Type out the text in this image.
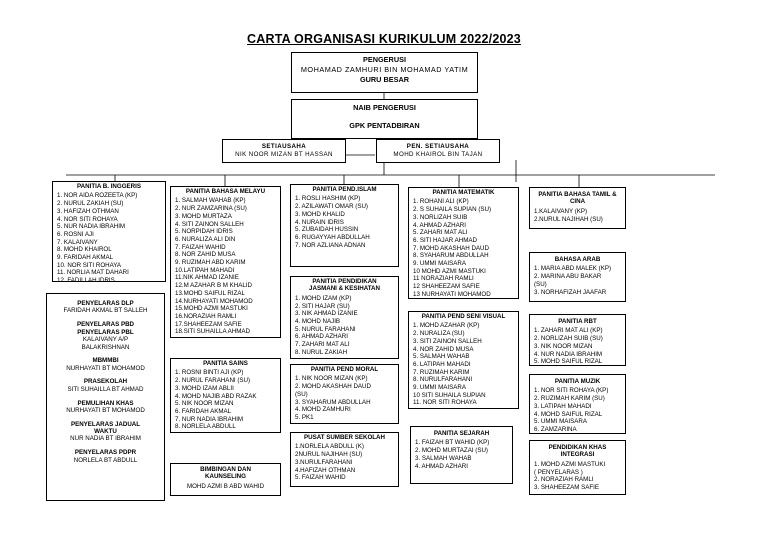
CARTA ORGANISASI KURIKULUM 2022/2023
PENGERUSI
MOHAMAD ZAMHURI BIN MOHAMAD YATIM
GURU BESAR
NAIB PENGERUSI
GPK PENTADBIRAN
SETIAUSAHA
NIK NOOR MIZAN BT HASSAN
PEN. SETIAUSAHA
MOHD KHAIROL BIN TAJAN
PANITIA B. INGGERIS
1. NOR AIDA ROZEETA (KP)
2. NURUL ZAKIAH (SU)
3. HAFIZAH OTHMAN
4. NOR SITI ROHAYA
5. NUR NADIA IBRAHIM
6. ROSNI AJI
7. KALAIVANY
8. MOHD KHAIROL
9. FARIDAH AKMAL
10. NOR SITI ROHAYA
11. NORLIA MAT DAHARI
12. FADILLAH IDRIS
PENYELARAS DLP
FARIDAH AKMAL BT SALLEH
PENYELARAS PBD
PENYELARAS PBL
KALAIVANY A/P
BALAKRISHNAN
MBMMBI
NURHAYATI BT MOHAMOD
PRASEKOLAH
SITI SUHAILLA BT AHMAD
PEMULIHAN KHAS
NURHAYATI BT MOHAMOD
PENYELARAS JADUAL
WAKTU
NUR NADIA BT IBRAHIM
PENYELARAS PDPR
NORLELA BT ABDULL
PANITIA BAHASA MELAYU
1. SALMAH WAHAB (KP)
2. NUR ZAMZARINA (SU)
3. MOHD MURTAZA
4. SITI ZAINON SALLEH
5. NORPIDAH IDRIS
6. NURALIZA ALI DIN
7. FAIZAH WAHID
8. NOR ZAHID MUSA
9. RUZIMAH ABD KARIM
10.LATIPAH MAHADI
11.NIK AHMAD IZANIE
12.M AZAHAR B M KHALID
13.MOHD SAIFUL RIZAL
14.NURHAYATI MOHAMOD
15.MOHD AZMI MASTUKI
16.NORAZIAH RAMLI
17.SHAHEEZAM SAFIE
18.SITI SUHAILLA AHMAD
PANITIA SAINS
1. ROSNI BINTI AJI (KP)
2. NURUL FARAHANI (SU)
3. MOHD IZAM ABLII
4. MOHD NAJIB ABD RAZAK
5. NIK NOOR MIZAN
6. FARIDAH AKMAL
7. NUR NADIA IBRAHIM
8. NORLELA ABDULL
BIMBINGAN DAN
KAUNSELING
MOHD AZMI B ABD WAHID
PANITIA PEND.ISLAM
1. ROSLI HASHIM (KP)
2. AZILAWATI OMAR (SU)
3. MOHD KHALID
4. NURAIN IDRIS
5. ZUBAIDAH HUSSIN
6. RUGAYYAH ABDULLAH
7. NOR AZLIANA ADNAN
PANITIA PENDIDIKAN
JASMANI & KESIHATAN
1. MOHD IZAM (KP)
2. SITI HAJAR (SU)
3. NIK AHMAD IZANIE
4. MOHD NAJIB
5. NURUL FARAHANI
6. AHMAD AZHARI
7. ZAHARI MAT ALI
8. NURUL ZAKIAH
PANITIA PEND MORAL
1. NIK NOOR MIZAN (KP)
2. MOHD AKASHAH DAUD
(SU)
3. SYAHARUM ABDULLAH
4. MOHD ZAMHURI
5. PK1
PUSAT SUMBER SEKOLAH
1.NORLELA ABDULL (K)
2NURUL NAJIHAH (SU)
3.NURULFARAHANI
4.HAFIZAH OTHMAN
5. FAIZAH WAHID
PANITIA MATEMATIK
1. ROHANI ALI (KP)
2. S SUHAILA SUPIAN (SU)
3. NORLIZAH SUIB
4. AHMAD AZHARI
5. ZAHARI MAT ALI
6. SITI HAJAR AHMAD
7. MOHD AKASHAH DAUD
8. SYAHARUM ABDULLAH
9. UMMI MAISARA
10 MOHD AZMI MASTUKI
11 NORAZIAH RAMLI
12 SHAHEEZAM SAFIE
13 NURHAYATI MOHAMOD
PANITIA PEND SENI VISUAL
1. MOHD AZAHAR (KP)
2. NURALIZA (SU)
3. SITI ZAINON SALLEH
4. NOR ZAHID MUSA
5. SALMAH WAHAB
6. LATIPAH MAHADI
7. RUZIMAH KARIM
8. NURULFARAHANI
9. UMMI MAISARA
10 SITI SUHAILA SUPIAN
11. NOR SITI ROHAYA
PANITIA SEJARAH
1. FAIZAH BT WAHID (KP)
2. MOHD MURTAZAI (SU)
3. SALMAH WAHAB
4. AHMAD AZHARI
PANITIA BAHASA TAMIL &
CINA
1.KALAIVANY (KP)
2.NURUL NAJIHAH (SU)
BAHASA ARAB
1. MARIA ABD MALEK (KP)
2. MARINA ABU BAKAR
(SU)
3. NORHAFIZAH JAAFAR
PANITIA RBT
1. ZAHARI MAT ALI (KP)
2. NORLIZAH SUIB (SU)
3. NIK NOOR MIZAN
4. NUR NADIA IBRAHIM
5. MOHD SAIFUL RIZAL
PANITIA MUZIK
1. NOR SITI ROHAYA (KP)
2. RUZIMAH KARIM (SU)
3. LATIPAH MAHADI
4. MOHD SAIFUL RIZAL
5. UMMI MAISARA
6. ZAMZARINA
PENDIDIKAN KHAS
INTEGRASI
1. MOHD AZMI MASTUKI
( PENYELARAS )
2. NORAZIAH RAMLI
3. SHAHEEZAM SAFIE
